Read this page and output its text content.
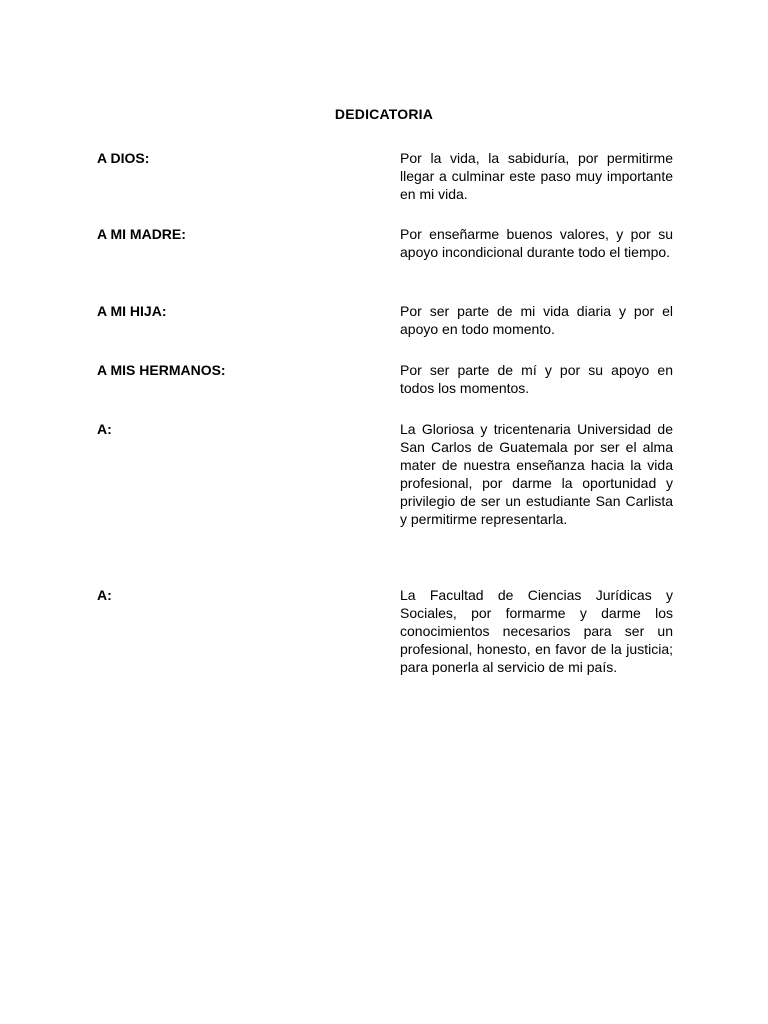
DEDICATORIA
A DIOS:	Por la vida, la sabiduría, por permitirme llegar a culminar este paso muy importante en mi vida.
A MI MADRE:	Por enseñarme buenos valores, y por su apoyo incondicional durante todo el tiempo.
A MI HIJA:	Por ser parte de mi vida diaria y por el apoyo en todo momento.
A MIS HERMANOS:	Por ser parte de mí y por su apoyo en todos los momentos.
A:	La Gloriosa y tricentenaria Universidad de San Carlos de Guatemala por ser el alma mater de nuestra enseñanza hacia la vida profesional, por darme la oportunidad y privilegio de ser un estudiante San Carlista y permitirme representarla.
A:	La Facultad de Ciencias Jurídicas y Sociales, por formarme y darme los conocimientos necesarios para ser un profesional, honesto, en favor de la justicia; para ponerla al servicio de mi país.
